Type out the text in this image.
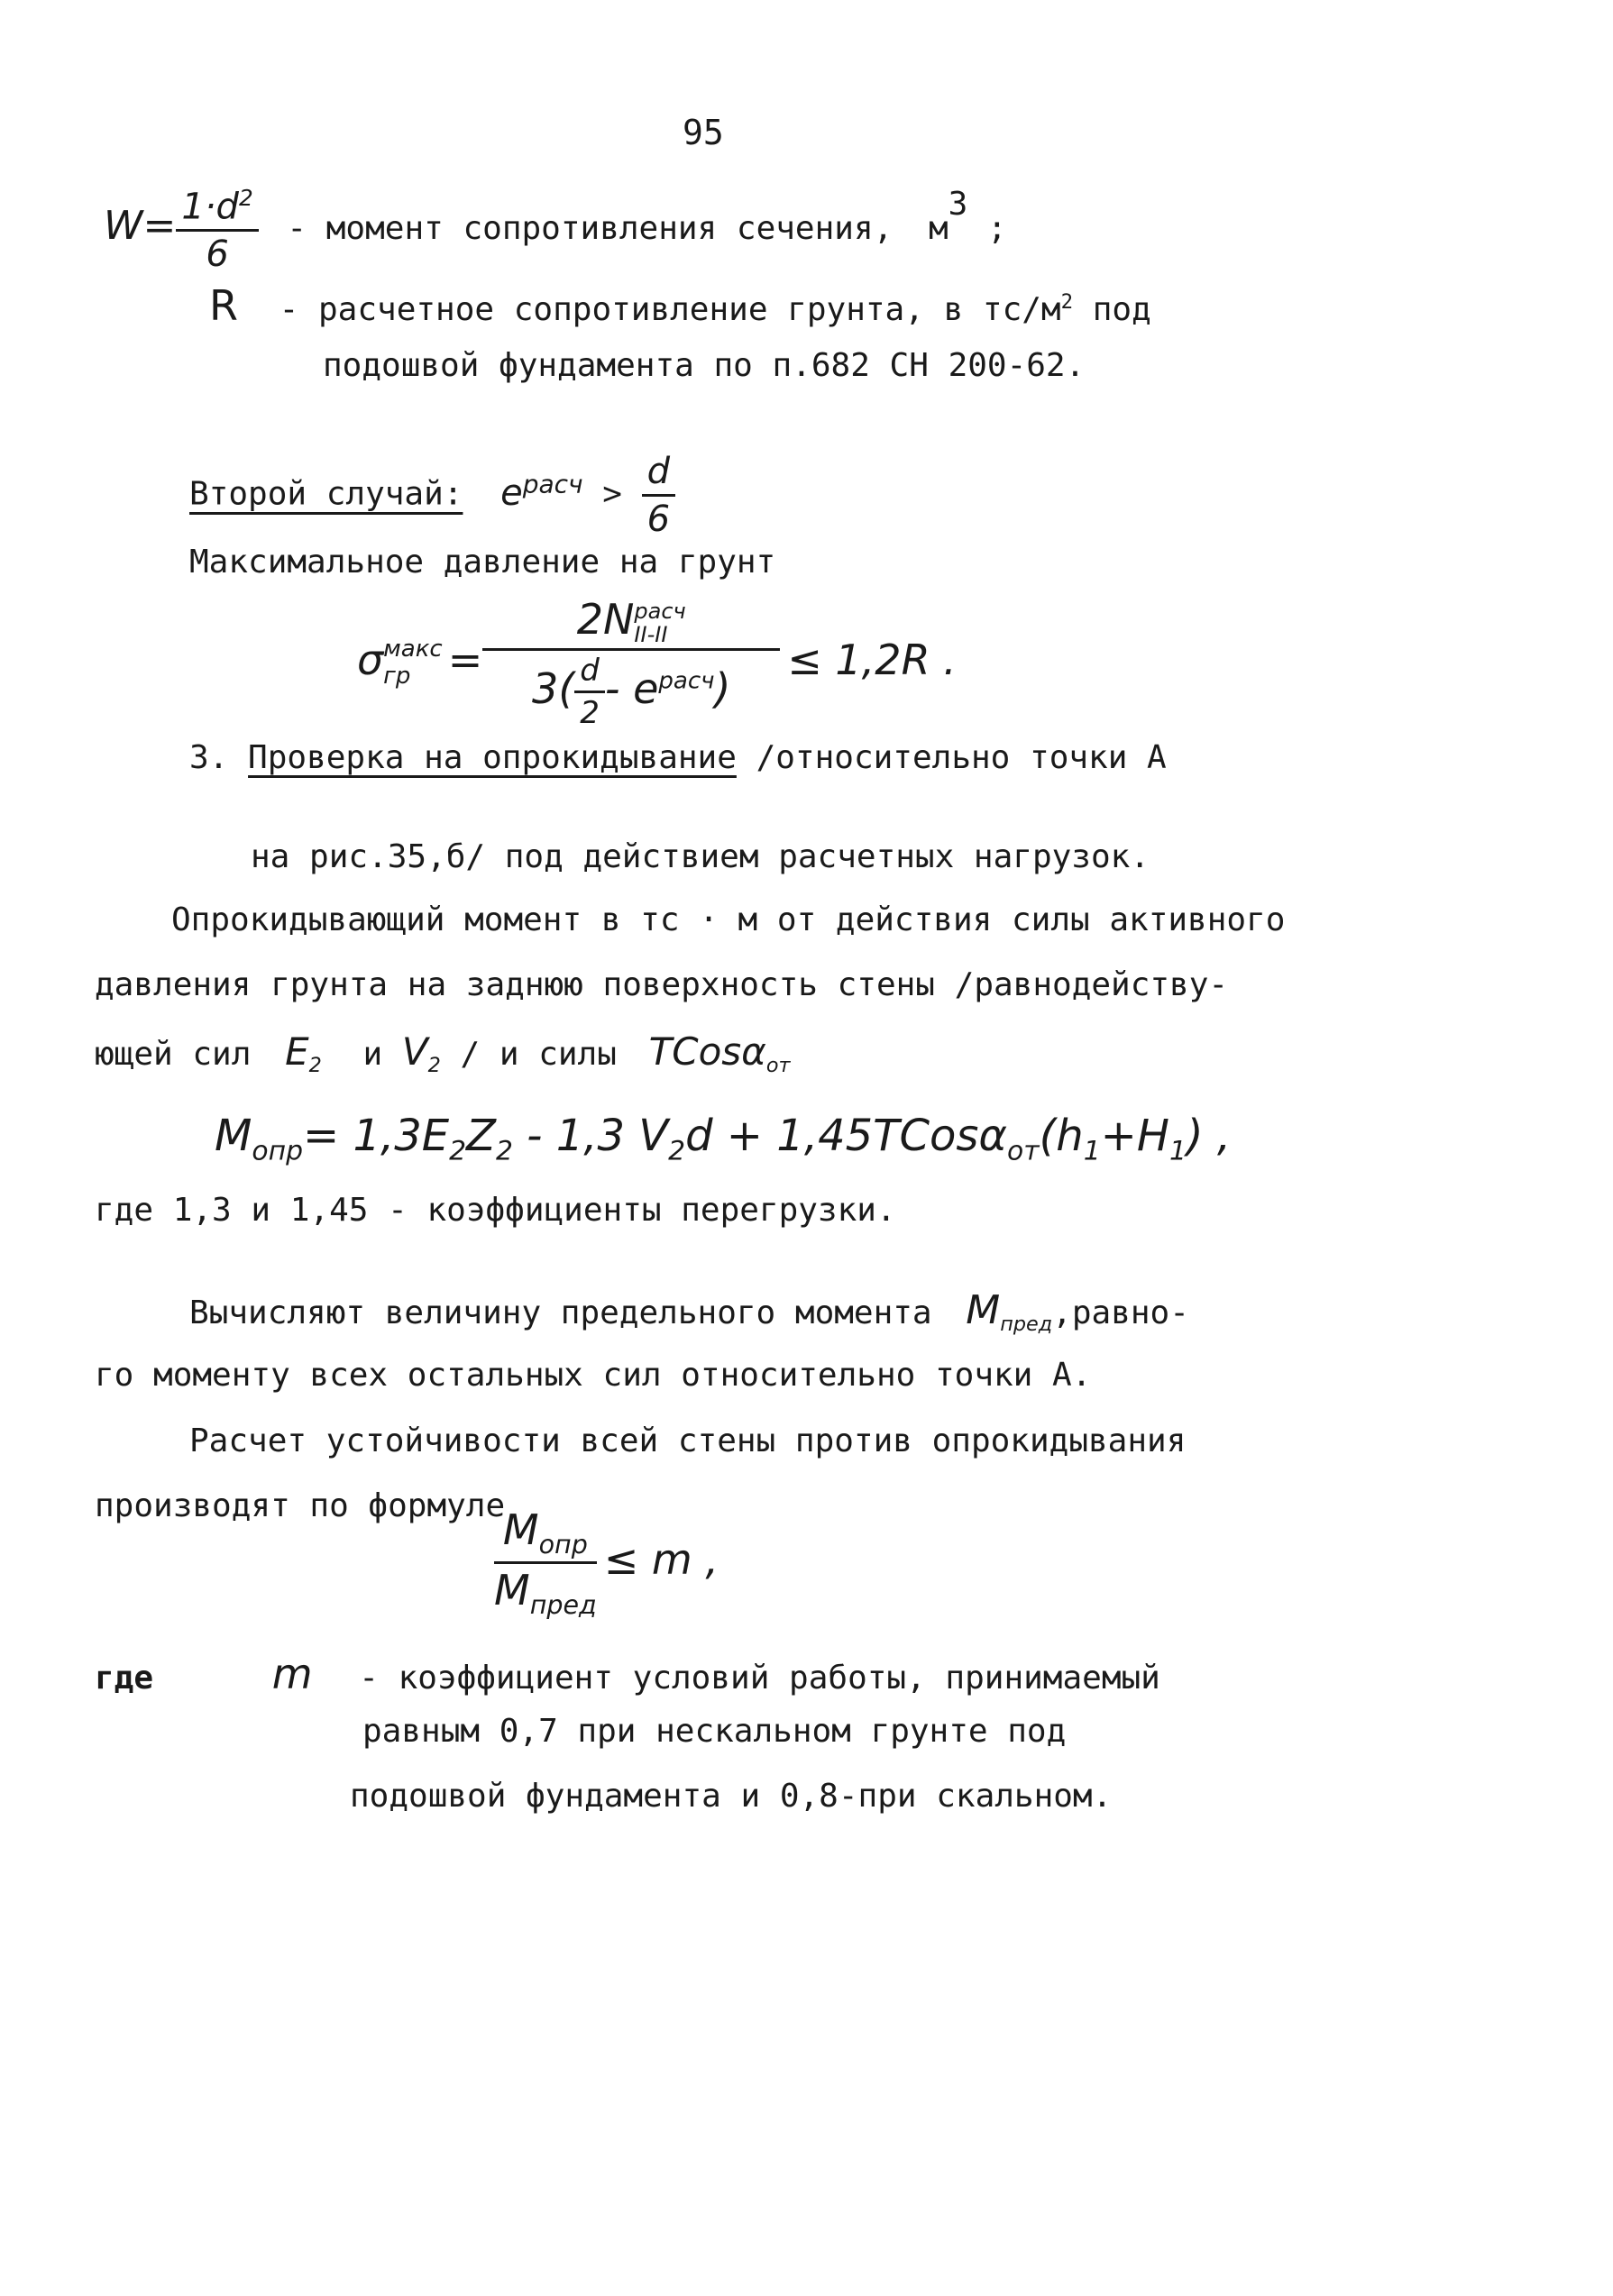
95
$W= \frac{1\cdot d^2}{6}$ - момент сопротивления сечения, $м^3$ ;
R - расчетное сопротивление грунта, в $тс/м^2$ под
подошвой фундамента по п.682 СН 200-62.
Второй случай: $e^{расч} > \frac{d}{6}$
Максимальное давление на грунт
σ макс
гр = 2N расч
II-II
$3( \frac{d}{2} - e^{расч}) \le 1,2R$ .
3. Проверка на опрокидывание /относительно точки А
на рис.35,б/ под действием расчетных нагрузок.
Опрокидывающий момент в тс · м от действия силы активного
давления грунта на заднюю поверхность стены /равнодейству-
ющей сил $E_2$ и $V_2$ / и силы TCosα$_{от}$
$M_{опр}= 1,3E_2Z_2 - 1,3$ $V_2d$ + $1,45TCos\alpha_{от}(h_1+H_1)$ ,
где 1,3 и 1,45 - коэффициенты перегрузки.
Вычисляют величину предельного момента $M_{пред},равно-$
го моменту всех остальных сил относительно точки А.
Расчет устойчивости всей стены против опрокидывания
производят по формуле
$\frac{M_{опр}}{M_{пред}} \le m$ ,
где	m - коэффициент условий работы, принимаемый
равным 0,7 при нескальном грунте под
подошвой фундамента и 0,8-при скальном.
